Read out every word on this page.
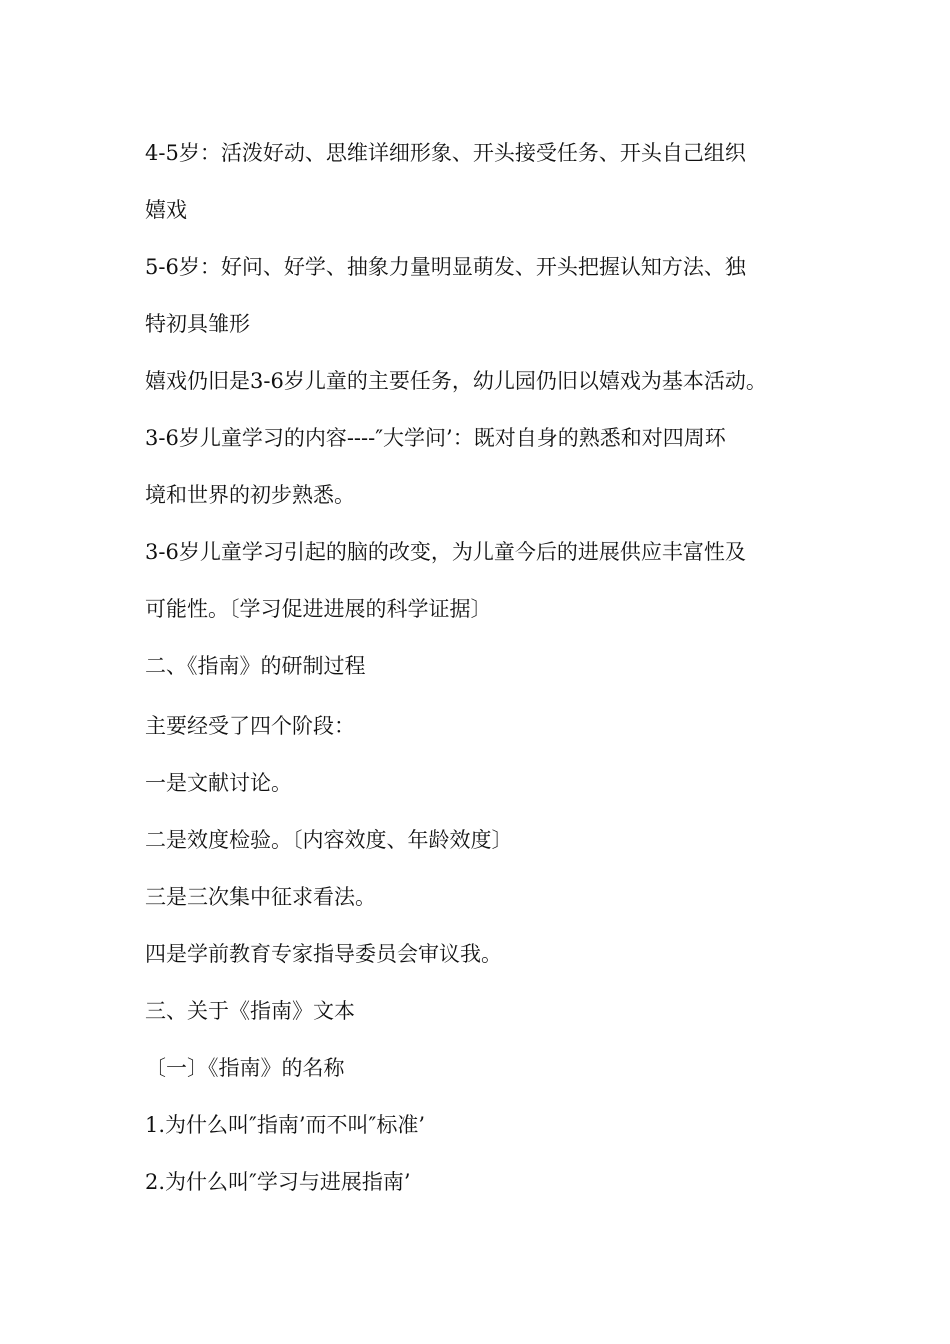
4-5岁：活泼好动、思维详细形象、开头接受任务、开头自己组织
嬉戏
5-6岁：好问、好学、抽象力量明显萌发、开头把握认知方法、独
特初具雏形
嬉戏仍旧是3-6岁儿童的主要任务，幼儿园仍旧以嬉戏为基本活动。
3-6岁儿童学习的内容----″大学问’：既对自身的熟悉和对四周环
境和世界的初步熟悉。
3-6岁儿童学习引起的脑的改变，为儿童今后的进展供应丰富性及
可能性。〔学习促进进展的科学证据〕
二、《指南》的研制过程
主要经受了四个阶段：
一是文献讨论。
二是效度检验。〔内容效度、年龄效度〕
三是三次集中征求看法。
四是学前教育专家指导委员会审议我。
三、关于《指南》文本
〔一〕《指南》的名称
1.为什么叫″指南’而不叫″标准’
2.为什么叫″学习与进展指南’
